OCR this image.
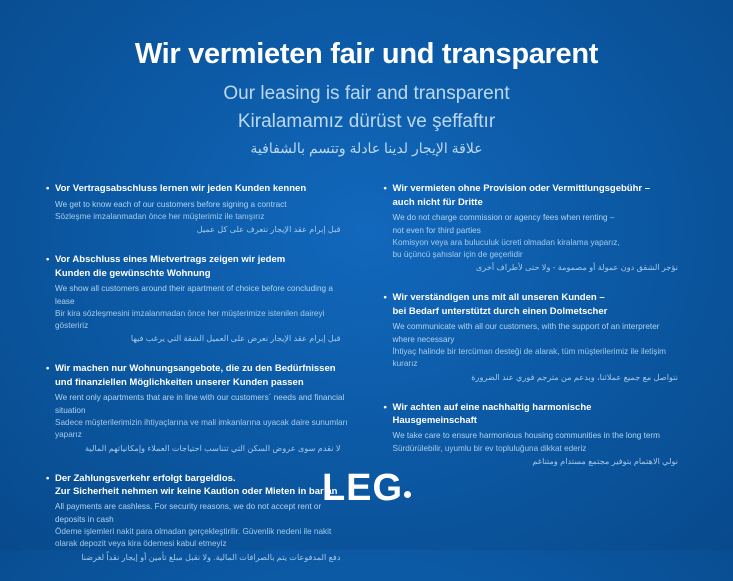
Wir vermieten fair und transparent
Our leasing is fair and transparent
Kiralamamız dürüst ve şeffaftır
علاقة الإيجار لدينا عادلة وتتسم بالشفافية
• Vor Vertragsabschluss lernen wir jeden Kunden kennen

We get to know each of our customers before signing a contract

Sözleşme imzalanmadan önce her müşterimiz ile tanışırız

قبل إبرام عقد الإيجار نتعرف على كل عميل

• Vor Abschluss eines Mietvertrags zeigen wir jedem
Kunden die gewünschte Wohnung

We show all customers around their apartment of choice before concluding a lease

Bir kira sözleşmesini imzalanmadan önce her müşterimize istenilen daireyi gösteririz

قبل إبرام عقد الإيجار نعرض على العميل الشقة التي يرغب فيها

• Wir machen nur Wohnungsangebote, die zu den Bedürfnissen
und finanziellen Möglichkeiten unserer Kunden passen

We rent only apartments that are in line with our customers´ needs and financial situation

Sadece müşterilerimizin ihtiyaçlarına ve mali imkanlarına uyacak daire sunumları yaparız

لا نقدم سوى عروض السكن التي تتناسب احتياجات العملاء وإمكانياتهم المالية

• Der Zahlungsverkehr erfolgt bargeldlos.
Zur Sicherheit nehmen wir keine Kaution oder Mieten in bar an

All payments are cashless. For security reasons, we do not accept rent or deposits in cash

Ödeme işlemleri nakit para olmadan gerçekleştirilir. Güvenlik nedeni ile nakit olarak depozit veya kira ödemesi kabul etmeyiz

دفع المدفوعات يتم بالصرافات المالية. ولا نقبل مبلغ تأمين أو إيجار نقداً لغرضنا

• Wir vermieten ohne Provision oder Vermittlungsgebühr –
auch nicht für Dritte

We do not charge commission or agency fees when renting –
not even for third parties

Komisyon veya ara buluculuk ücreti olmadan kiralama yaparız,
bu üçüncü şahıslar için de geçerlidir

نؤجر الشقق دون عمولة أو مصمومة - ولا حتى لأطراف أخرى

• Wir verständigen uns mit all unseren Kunden –
bei Bedarf unterstützt durch einen Dolmetscher

We communicate with all our customers, with the support of an interpreter
where necessary

İhtiyaç halinde bir tercüman desteği de alarak, tüm müşterilerimiz ile iletişim kurarız

نتواصل مع جميع عملائنا، وبدعم من مترجم فوري عند الضرورة

• Wir achten auf eine nachhaltig harmonische
Hausgemeinschaft

We take care to ensure harmonious housing communities in the long term

Sürdürülebilir, uyumlu bir ev topluluğuna dikkat ederiz

نولي الاهتمام بتوفير مجتمع مستدام ومتناغم

LEG
